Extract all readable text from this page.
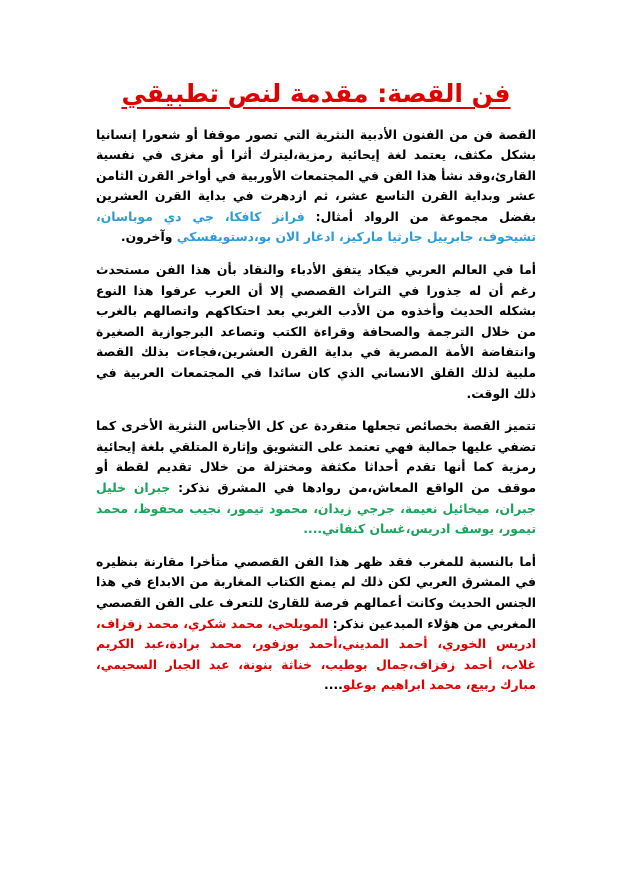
فن القصة: مقدمة لنص تطبيقي

القصة فن من الفنون الأدبية النثرية التي تصور موقفا أو شعورا إنسانيا بشكل مكثف، يعتمد لغة إيحائية رمزية،ليترك أثرا أو مغزى في نفسية القارئ،وقد نشأ هذا الفن في المجتمعات الأوربية في أواخر القرن الثامن عشر وبداية القرن التاسع عشر، ثم ازدهرت في بداية القرن العشرين بفضل مجموعة من الرواد أمثال: فرانز كافكا، جي دي موباسان، تشيخوف، جابرييل جارثيا ماركيز، ادغار الان بو،دستويفسكي وآخرون.

أما في العالم العربي فيكاد يتفق الأدباء والنقاد بأن هذا الفن مستحدث رغم أن له جذورا في التراث القصصي إلا أن العرب عرفوا هذا النوع بشكله الحديث وأخذوه من الأدب الغربي بعد احتكاكهم واتصالهم بالغرب من خلال الترجمة والصحافة وقراءة الكتب وتصاعد البرجوازية الصغيرة وانتفاضة الأمة المصرية في بداية القرن العشرين،فجاءت بذلك القصة ملبية لذلك القلق الانساني الذي كان سائدا في المجتمعات العربية في ذلك الوقت.

تتميز القصة بخصائص تجعلها متفردة عن كل الأجناس النثرية الأخرى كما تضفي عليها جمالية فهي تعتمد على التشويق وإثارة المتلقي بلغة إيحائية رمزية كما أنها تقدم أحداثا مكثفة ومختزلة من خلال تقديم لقطة أو موقف من الواقع المعاش،من روادها في المشرق نذكر: جبران خليل جبران، ميخائيل نعيمة، جرجي زيدان، محمود تيمور، نجيب محفوظ، محمد تيمور، يوسف ادريس،غسان كنفاني....

أما بالنسبة للمغرب فقد ظهر هذا الفن القصصي متأخرا مقارنة بنظيره في المشرق العربي لكن ذلك لم يمنع الكتاب المغاربة من الابداع في هذا الجنس الحديث وكانت أعمالهم فرصة للقارئ للتعرف على الفن القصصي المغربي من هؤلاء المبدعين نذكر: المويلحي، محمد شكري، محمد زفزاف، ادريس الخوري، أحمد المديني،أحمد بوزفور، محمد برادة،عبد الكريم غلاب، أحمد زفزاف،جمال بوطيب، خناثة بنونة، عبد الجبار السحيمي، مبارك ربيع، محمد ابراهيم بوعلو....
